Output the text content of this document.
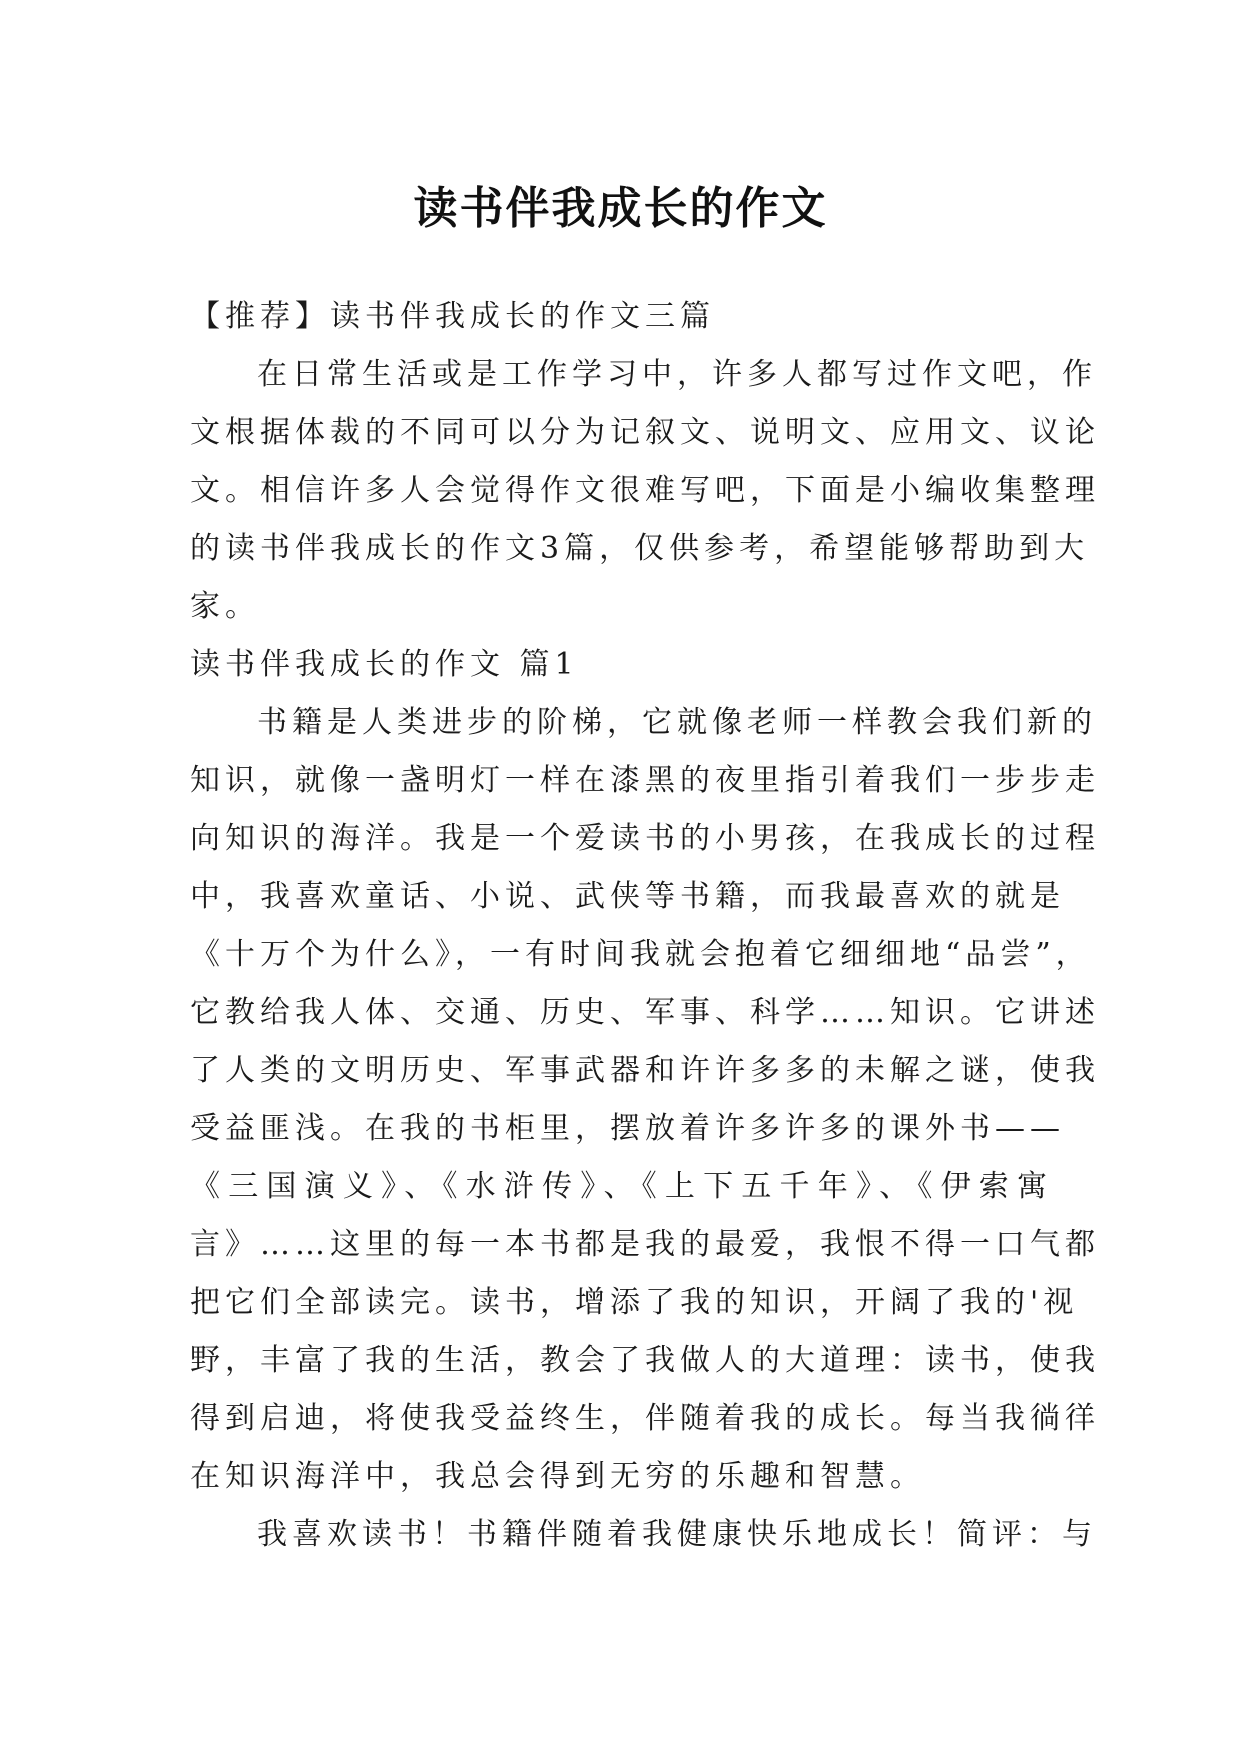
读书伴我成长的作文

【推荐】读书伴我成长的作文三篇

在日常生活或是工作学习中，许多人都写过作文吧，作

文根据体裁的不同可以分为记叙文、说明文、应用文、议论

文。相信许多人会觉得作文很难写吧，下面是小编收集整理

的读书伴我成长的作文3篇，仅供参考，希望能够帮助到大

家。

读书伴我成长的作文 篇1

书籍是人类进步的阶梯，它就像老师一样教会我们新的

知识，就像一盏明灯一样在漆黑的夜里指引着我们一步步走

向知识的海洋。我是一个爱读书的小男孩，在我成长的过程

中，我喜欢童话、小说、武侠等书籍，而我最喜欢的就是

《十万个为什么》，一有时间我就会抱着它细细地“品尝”，

它教给我人体、交通、历史、军事、科学……知识。它讲述

了人类的文明历史、军事武器和许许多多的未解之谜，使我

受益匪浅。在我的书柜里，摆放着许多许多的课外书——

《三国演义》、《水浒传》、《上下五千年》、《伊索寓

言》……这里的每一本书都是我的最爱，我恨不得一口气都

把它们全部读完。读书，增添了我的知识，开阔了我的'视

野，丰富了我的生活，教会了我做人的大道理：读书，使我

得到启迪，将使我受益终生，伴随着我的成长。每当我徜徉

在知识海洋中，我总会得到无穷的乐趣和智慧。

我喜欢读书！书籍伴随着我健康快乐地成长！简评：与
